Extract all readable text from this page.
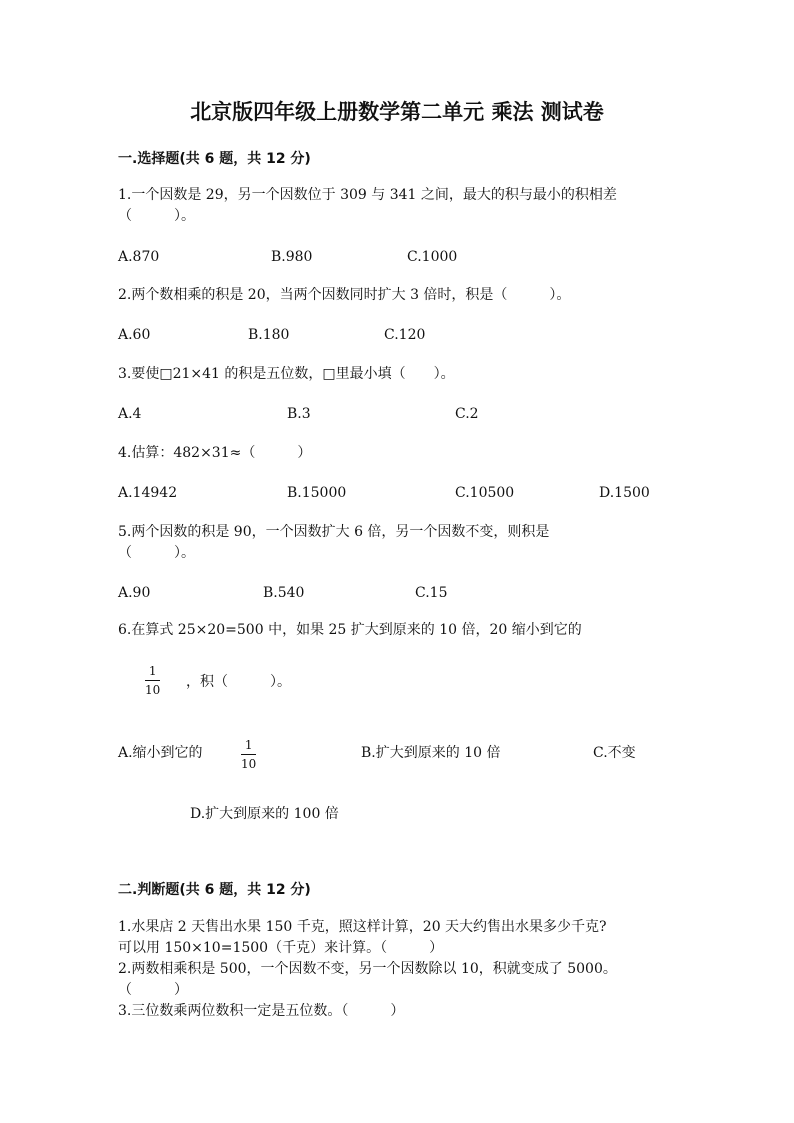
北京版四年级上册数学第二单元 乘法 测试卷
一.选择题(共 6 题，共 12 分)
1.一个因数是 29，另一个因数位于 309 与 341 之间，最大的积与最小的积相差
（　　　）。
A.870	B.980	C.1000
2.两个数相乘的积是 20，当两个因数同时扩大 3 倍时，积是（　　　）。
A.60	B.180	C.120
3.要使□21×41 的积是五位数，□里最小填（　　）。
A.4	B.3	C.2
4.估算：482×31≈（　　　）
A.14942	B.15000	C.10500	D.1500
5.两个因数的积是 90，一个因数扩大 6 倍，另一个因数不变，则积是
（　　　）。
A.90	B.540	C.15
6.在算式 25×20=500 中，如果 25 扩大到原来的 10 倍，20 缩小到它的
1
10 ，积（　　　）。
A.缩小到它的	1
10
B.扩大到原来的 10 倍	C.不变
D.扩大到原来的 100 倍
二.判断题(共 6 题，共 12 分)
1.水果店 2 天售出水果 150 千克，照这样计算，20 天大约售出水果多少千克?
可以用 150×10=1500（千克）来计算。（　　　）
2.两数相乘积是 500，一个因数不变，另一个因数除以 10，积就变成了 5000。
（　　　）
3.三位数乘两位数积一定是五位数。（　　　）
